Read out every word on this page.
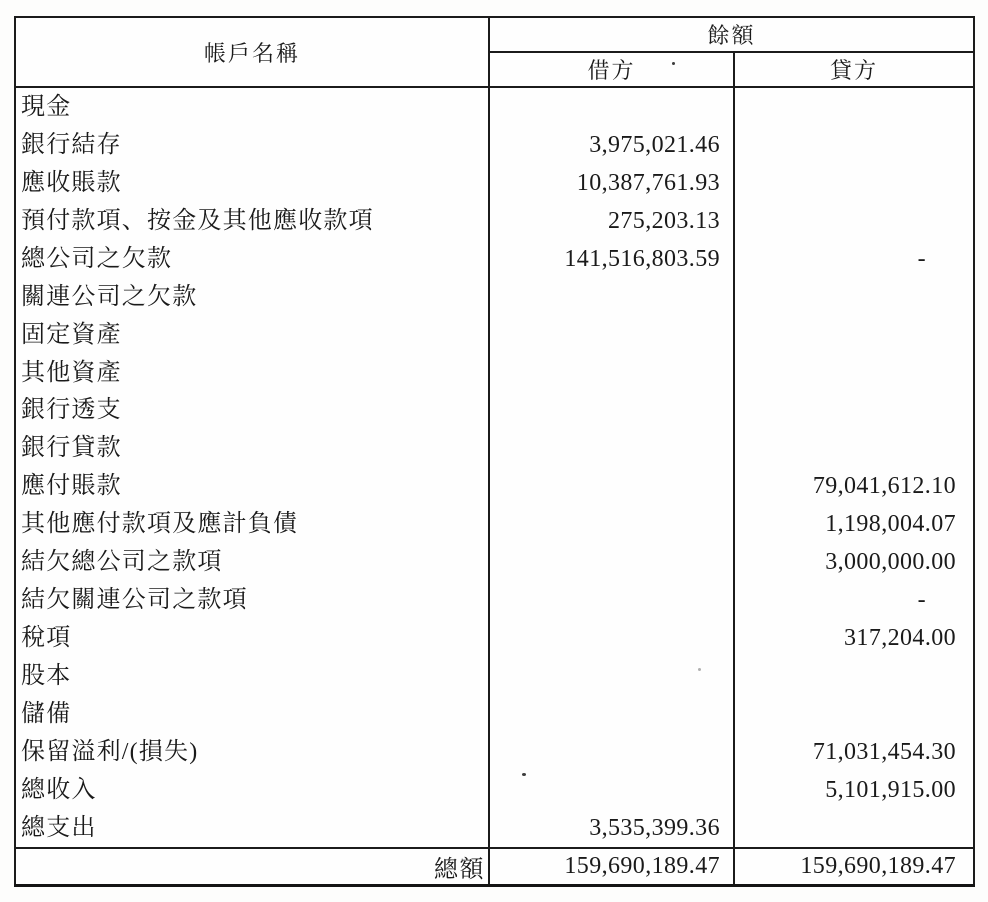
帳戶名稱	餘額	
	借方	貸方
現金		
銀行結存	3,975,021.46	
應收賬款	10,387,761.93	
預付款項、按金及其他應收款項	275,203.13	
總公司之欠款	141,516,803.59	-
關連公司之欠款		
固定資產		
其他資產		
銀行透支		
銀行貸款		
應付賬款		79,041,612.10
其他應付款項及應計負債		1,198,004.07
結欠總公司之款項		3,000,000.00
結欠關連公司之款項		-
稅項		317,204.00
股本		
儲備		
保留溢利/(損失)		71,031,454.30
總收入		5,101,915.00
總支出	3,535,399.36	
總額	159,690,189.47	159,690,189.47
